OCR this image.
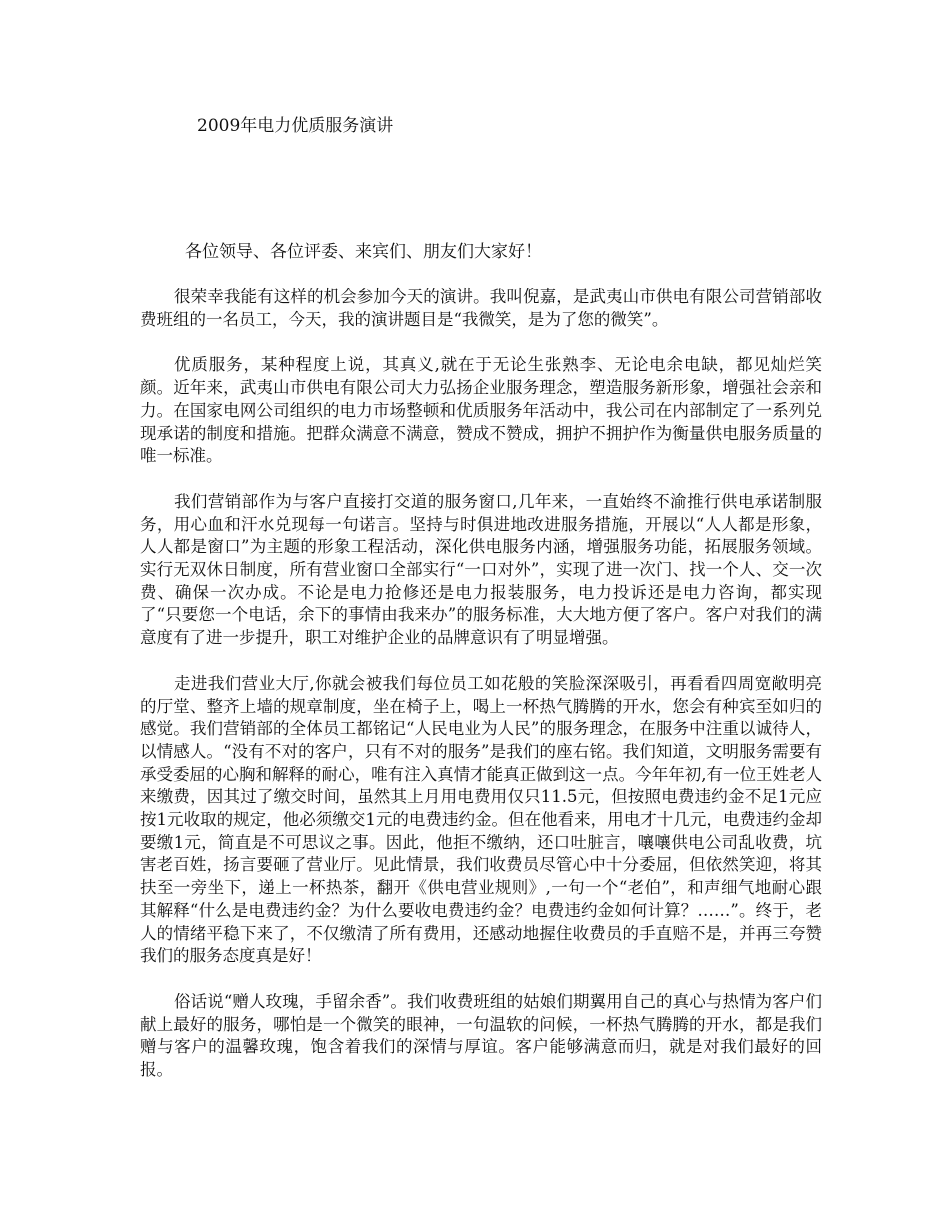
2009年电力优质服务演讲
各位领导、各位评委、来宾们、朋友们大家好！

很荣幸我能有这样的机会参加今天的演讲。我叫倪嘉，是武夷山市供电有限公司营销部收费班组的一名员工，今天，我的演讲题目是“我微笑，是为了您的微笑”。

优质服务，某种程度上说，其真义,就在于无论生张熟李、无论电余电缺，都见灿烂笑颜。近年来，武夷山市供电有限公司大力弘扬企业服务理念，塑造服务新形象，增强社会亲和力。在国家电网公司组织的电力市场整顿和优质服务年活动中，我公司在内部制定了一系列兑现承诺的制度和措施。把群众满意不满意，赞成不赞成，拥护不拥护作为衡量供电服务质量的唯一标准。

我们营销部作为与客户直接打交道的服务窗口,几年来，一直始终不渝推行供电承诺制服务，用心血和汗水兑现每一句诺言。坚持与时俱进地改进服务措施，开展以“人人都是形象，人人都是窗口”为主题的形象工程活动，深化供电服务内涵，增强服务功能，拓展服务领域。实行无双休日制度，所有营业窗口全部实行“一口对外”，实现了进一次门、找一个人、交一次费、确保一次办成。不论是电力抢修还是电力报装服务，电力投诉还是电力咨询，都实现了“只要您一个电话，余下的事情由我来办”的服务标准，大大地方便了客户。客户对我们的满意度有了进一步提升，职工对维护企业的品牌意识有了明显增强。

走进我们营业大厅,你就会被我们每位员工如花般的笑脸深深吸引，再看看四周宽敞明亮的厅堂、整齐上墙的规章制度，坐在椅子上，喝上一杯热气腾腾的开水，您会有种宾至如归的感觉。我们营销部的全体员工都铭记“人民电业为人民”的服务理念，在服务中注重以诚待人，以情感人。“没有不对的客户，只有不对的服务”是我们的座右铭。我们知道，文明服务需要有承受委屈的心胸和解释的耐心，唯有注入真情才能真正做到这一点。今年年初,有一位王姓老人来缴费，因其过了缴交时间，虽然其上月用电费用仅只11.5元，但按照电费违约金不足1元应按1元收取的规定，他必须缴交1元的电费违约金。但在他看来，用电才十几元，电费违约金却要缴1元，简直是不可思议之事。因此，他拒不缴纳，还口吐脏言，嚷嚷供电公司乱收费，坑害老百姓，扬言要砸了营业厅。见此情景，我们收费员尽管心中十分委屈，但依然笑迎，将其扶至一旁坐下，递上一杯热茶，翻开《供电营业规则》,一句一个“老伯”，和声细气地耐心跟其解释“什么是电费违约金？为什么要收电费违约金？电费违约金如何计算？……”。终于，老人的情绪平稳下来了，不仅缴清了所有费用，还感动地握住收费员的手直赔不是，并再三夸赞我们的服务态度真是好！

俗话说“赠人玫瑰，手留余香”。我们收费班组的姑娘们期翼用自己的真心与热情为客户们献上最好的服务，哪怕是一个微笑的眼神，一句温软的问候，一杯热气腾腾的开水，都是我们赠与客户的温馨玫瑰，饱含着我们的深情与厚谊。客户能够满意而归，就是对我们最好的回报。
